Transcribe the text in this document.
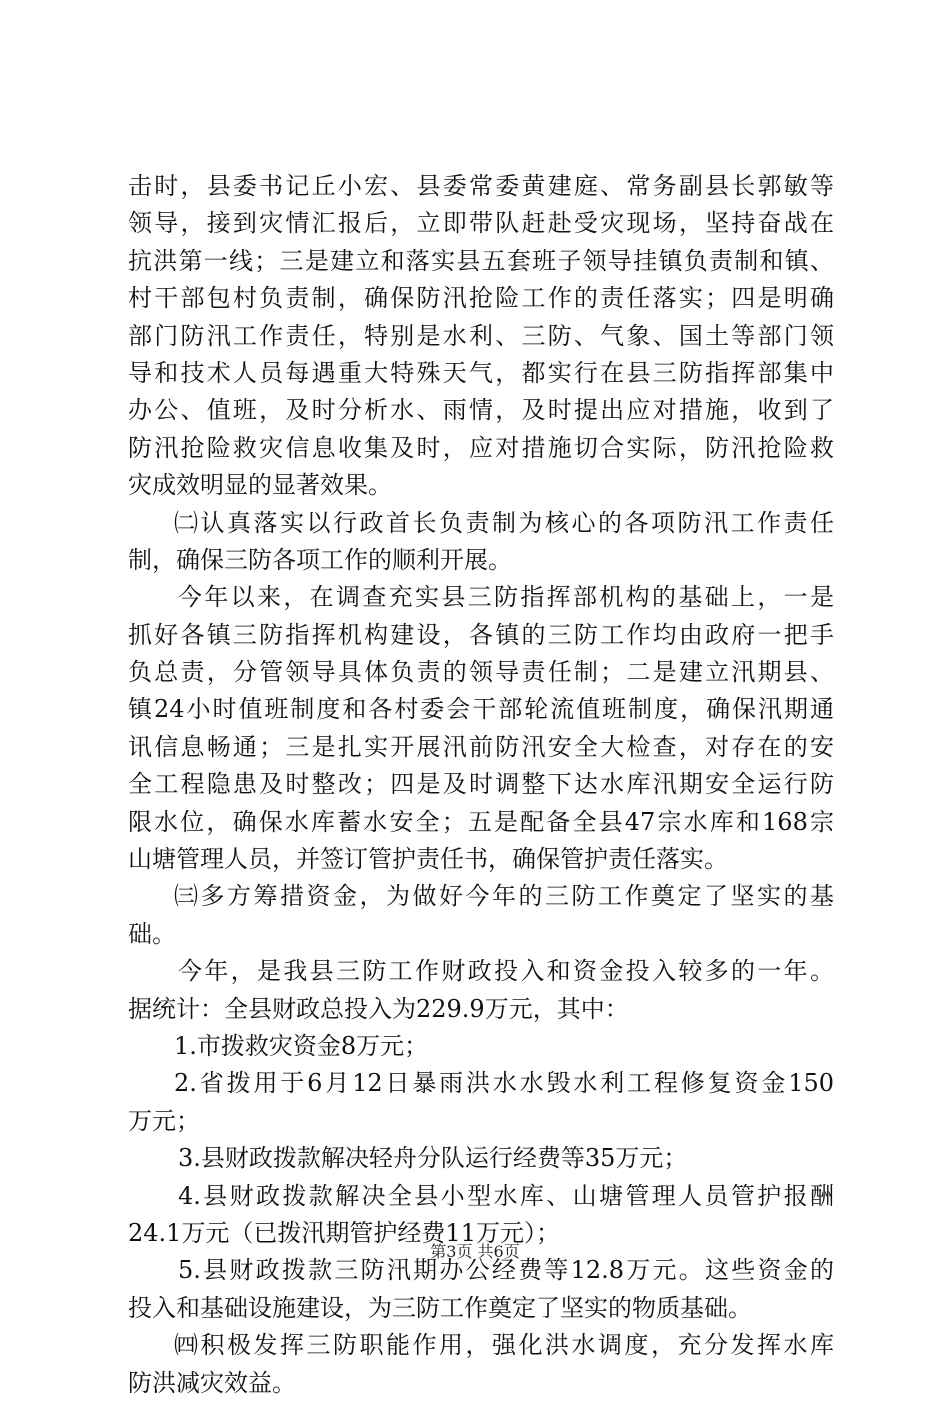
击时，县委书记丘小宏、县委常委黄建庭、常务副县长郭敏等
领导，接到灾情汇报后，立即带队赶赴受灾现场，坚持奋战在
抗洪第一线；三是建立和落实县五套班子领导挂镇负责制和镇、
村干部包村负责制，确保防汛抢险工作的责任落实；四是明确
部门防汛工作责任，特别是水利、三防、气象、国土等部门领
导和技术人员每遇重大特殊天气，都实行在县三防指挥部集中
办公、值班，及时分析水、雨情，及时提出应对措施，收到了
防汛抢险救灾信息收集及时，应对措施切合实际，防汛抢险救
灾成效明显的显著效果。
㈡认真落实以行政首长负责制为核心的各项防汛工作责任
制，确保三防各项工作的顺利开展。
今年以来，在调查充实县三防指挥部机构的基础上，一是
抓好各镇三防指挥机构建设，各镇的三防工作均由政府一把手
负总责，分管领导具体负责的领导责任制；二是建立汛期县、
镇24小时值班制度和各村委会干部轮流值班制度，确保汛期通
讯信息畅通；三是扎实开展汛前防汛安全大检查，对存在的安
全工程隐患及时整改；四是及时调整下达水库汛期安全运行防
限水位，确保水库蓄水安全；五是配备全县47宗水库和168宗
山塘管理人员，并签订管护责任书，确保管护责任落实。
㈢多方筹措资金，为做好今年的三防工作奠定了坚实的基
础。
今年，是我县三防工作财政投入和资金投入较多的一年。
据统计：全县财政总投入为229.9万元，其中：
1.市拨救灾资金8万元；
2.省拨用于6月12日暴雨洪水水毁水利工程修复资金150
万元；
3.县财政拨款解决轻舟分队运行经费等35万元；
4.县财政拨款解决全县小型水库、山塘管理人员管护报酬
24.1万元（已拨汛期管护经费11万元）；
5.县财政拨款三防汛期办公经费等12.8万元。这些资金的
投入和基础设施建设，为三防工作奠定了坚实的物质基础。
㈣积极发挥三防职能作用，强化洪水调度，充分发挥水库
防洪减灾效益。
第3页 共6页
